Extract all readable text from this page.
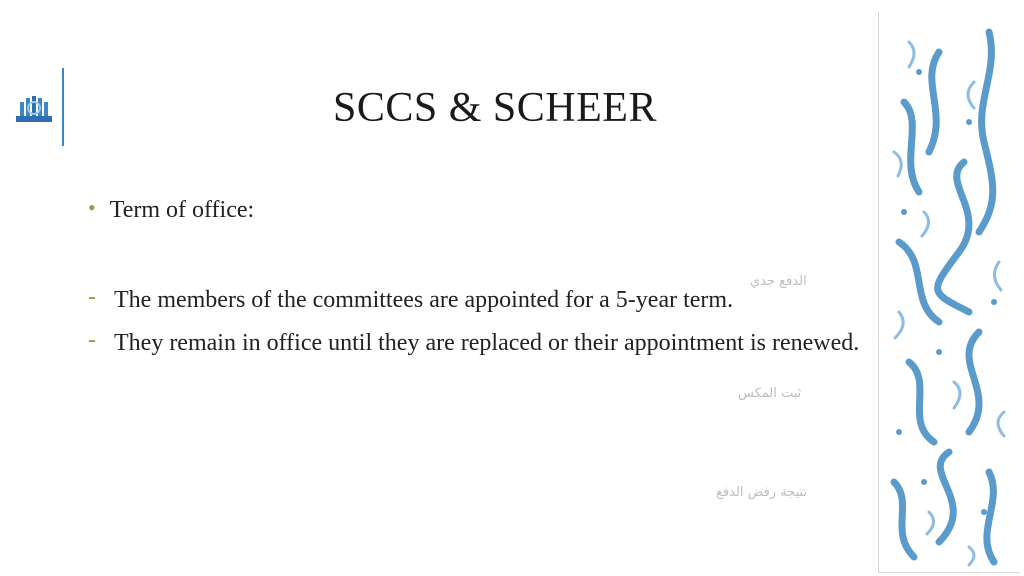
SCCS & SCHEER
• Term of office:
- The members of the committees are appointed for a 5-year term.
- They remain in office until they are replaced or their appointment is renewed.
الدفع جدي
ثبت المكس
نتيجة رفض الدفع
